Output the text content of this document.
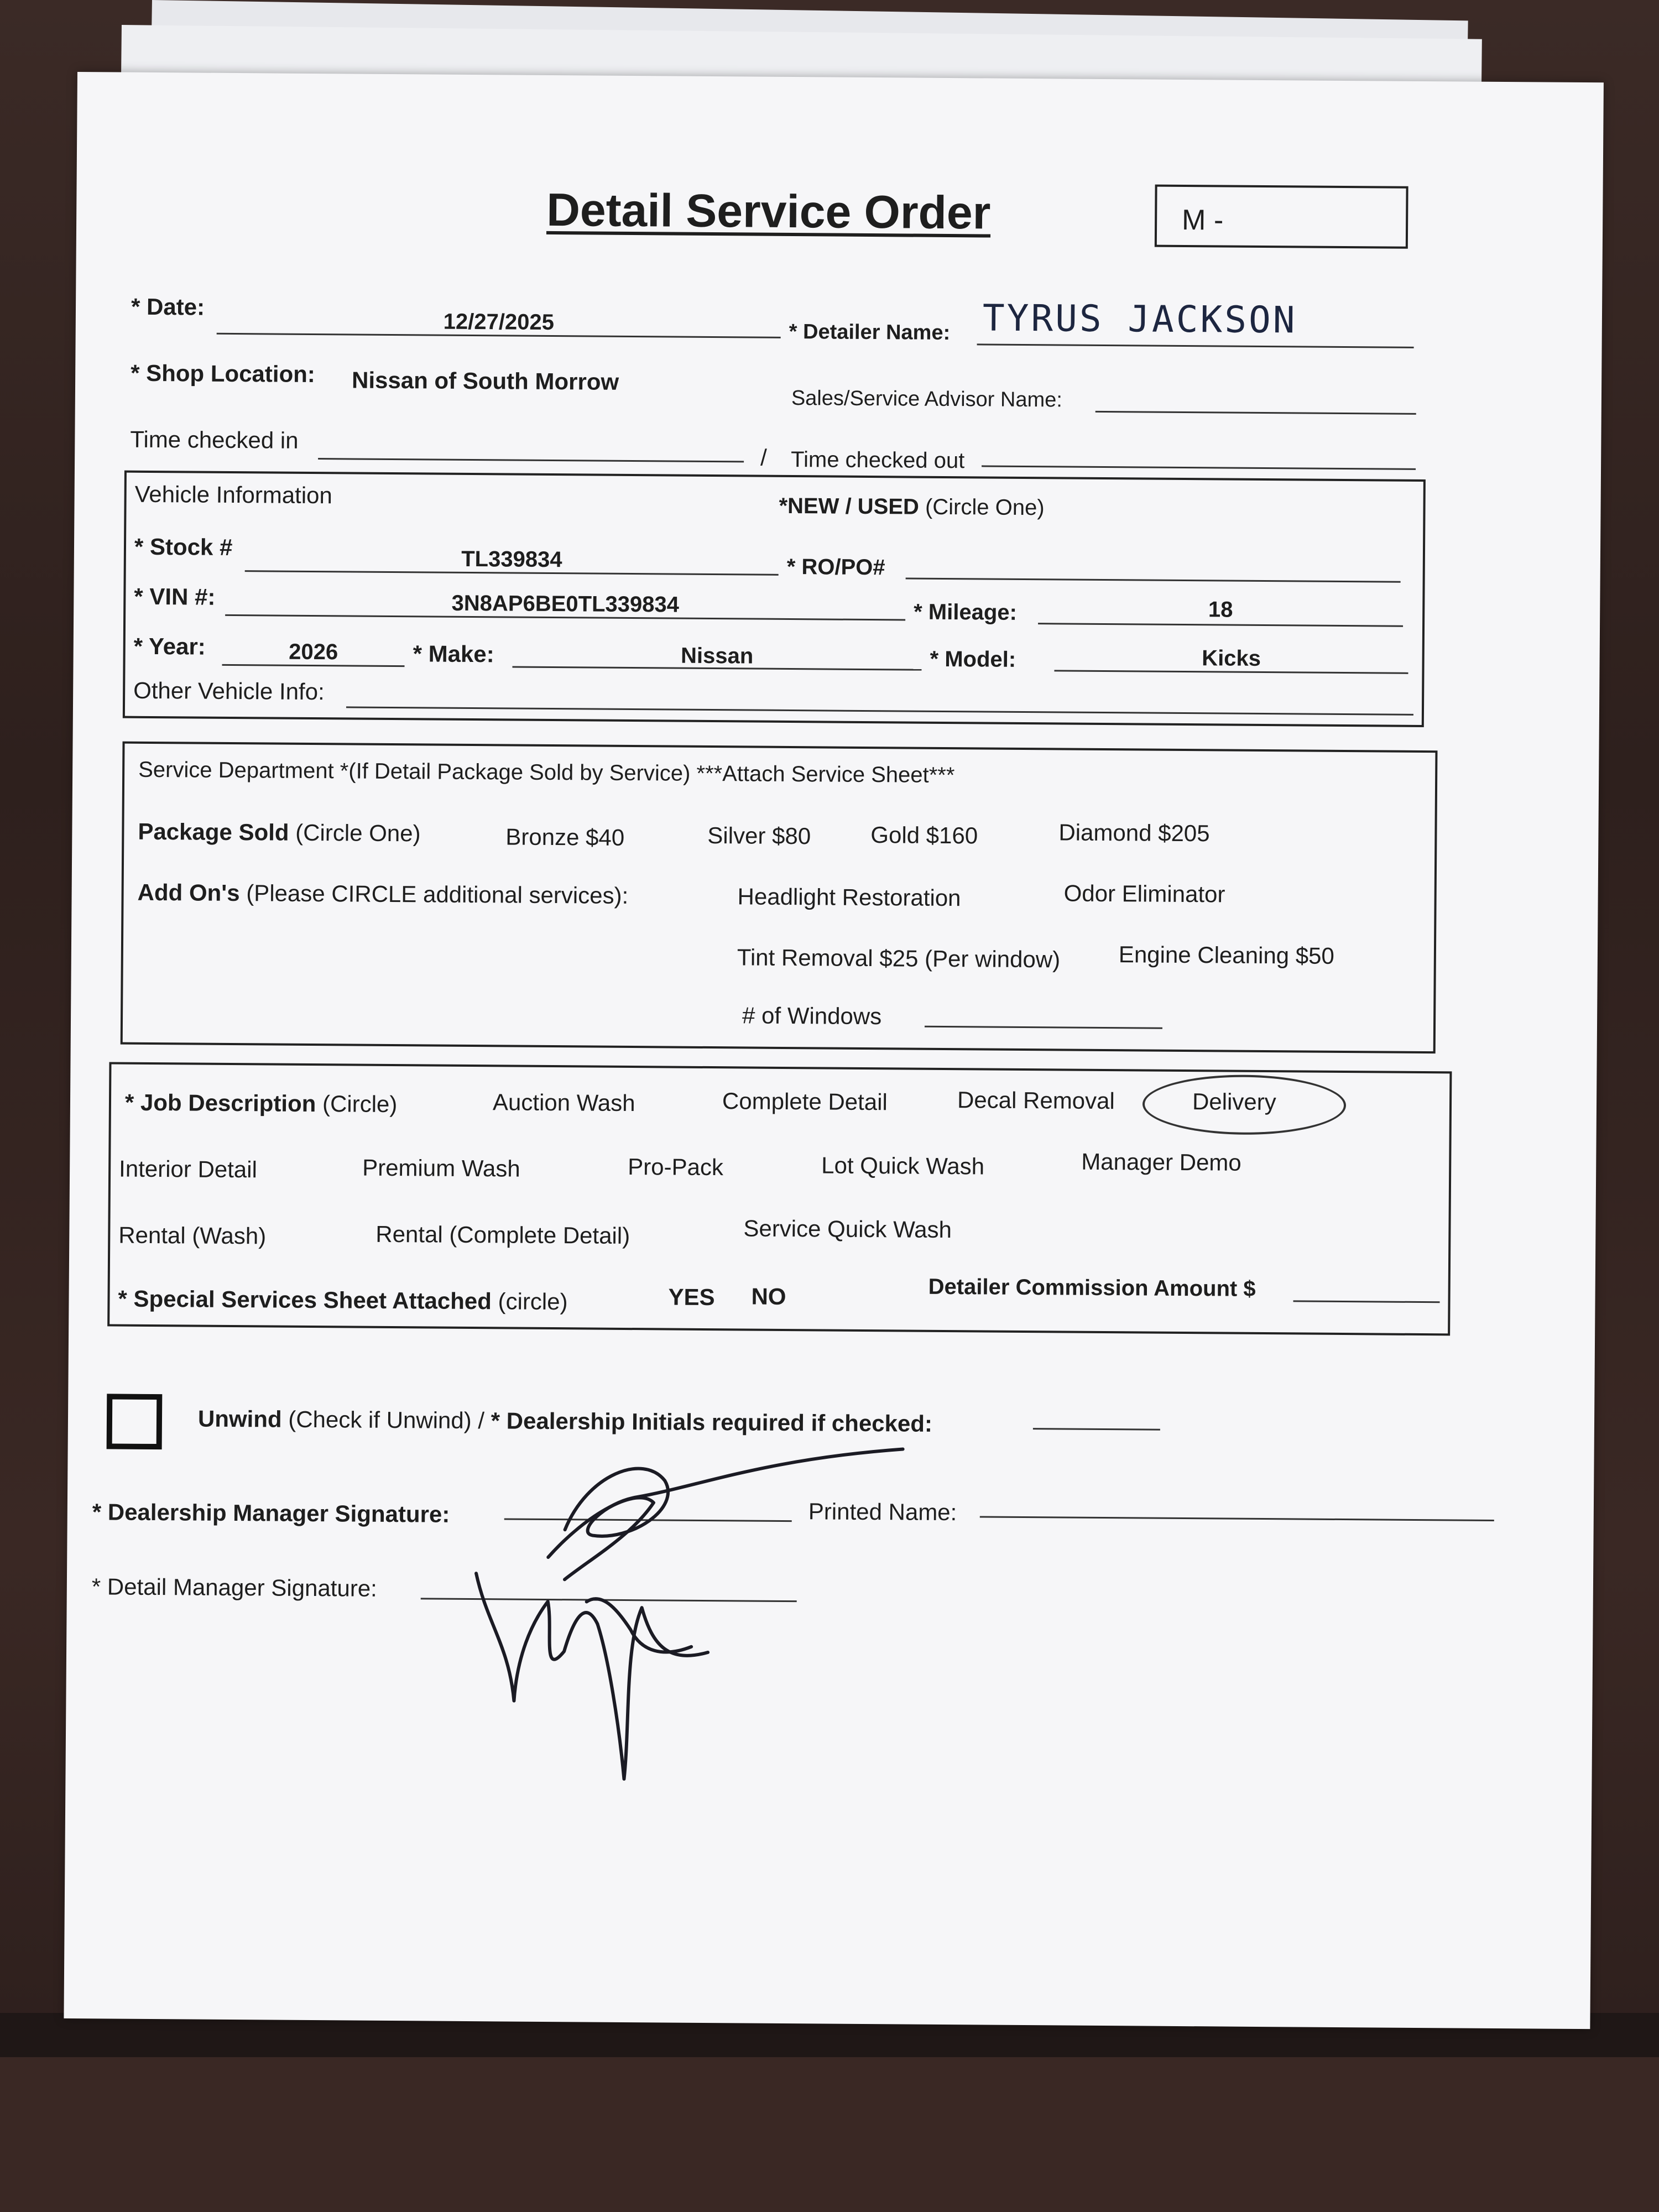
Detail Service Order	M -
* Date:
12/27/2025	* Detailer Name: TYRUS JACKSON
* Shop Location: Nissan of South Morrow
Sales/Service Advisor Name:
Time checked in
/ Time checked out
Vehicle Information	*NEW / USED (Circle One)
* Stock #	TL339834	* RO/PO#
* VIN #:	3N8AP6BE0TL339834	* Mileage:	18
* Year:	2026	* Make:	Nissan	* Model:	Kicks
Other Vehicle Info:
Service Department *(If Detail Package Sold by Service) ***Attach Service Sheet***
Package Sold (Circle One)	Bronze $40	Silver $80	Gold $160	Diamond $205
Add On's (Please CIRCLE additional services):	Headlight Restoration	Odor Eliminator
Tint Removal $25 (Per window)	Engine Cleaning $50
# of Windows
* Job Description (Circle)	Auction Wash	Complete Detail	Decal Removal	Delivery
Interior Detail	Premium Wash	Pro-Pack	Lot Quick Wash	Manager Demo
Rental (Wash)	Rental (Complete Detail)	Service Quick Wash
* Special Services Sheet Attached (circle)	YES NO	Detailer Commission Amount $
Unwind (Check if Unwind) / * Dealership Initials required if checked:
* Dealership Manager Signature:	Printed Name:
* Detail Manager Signature:
